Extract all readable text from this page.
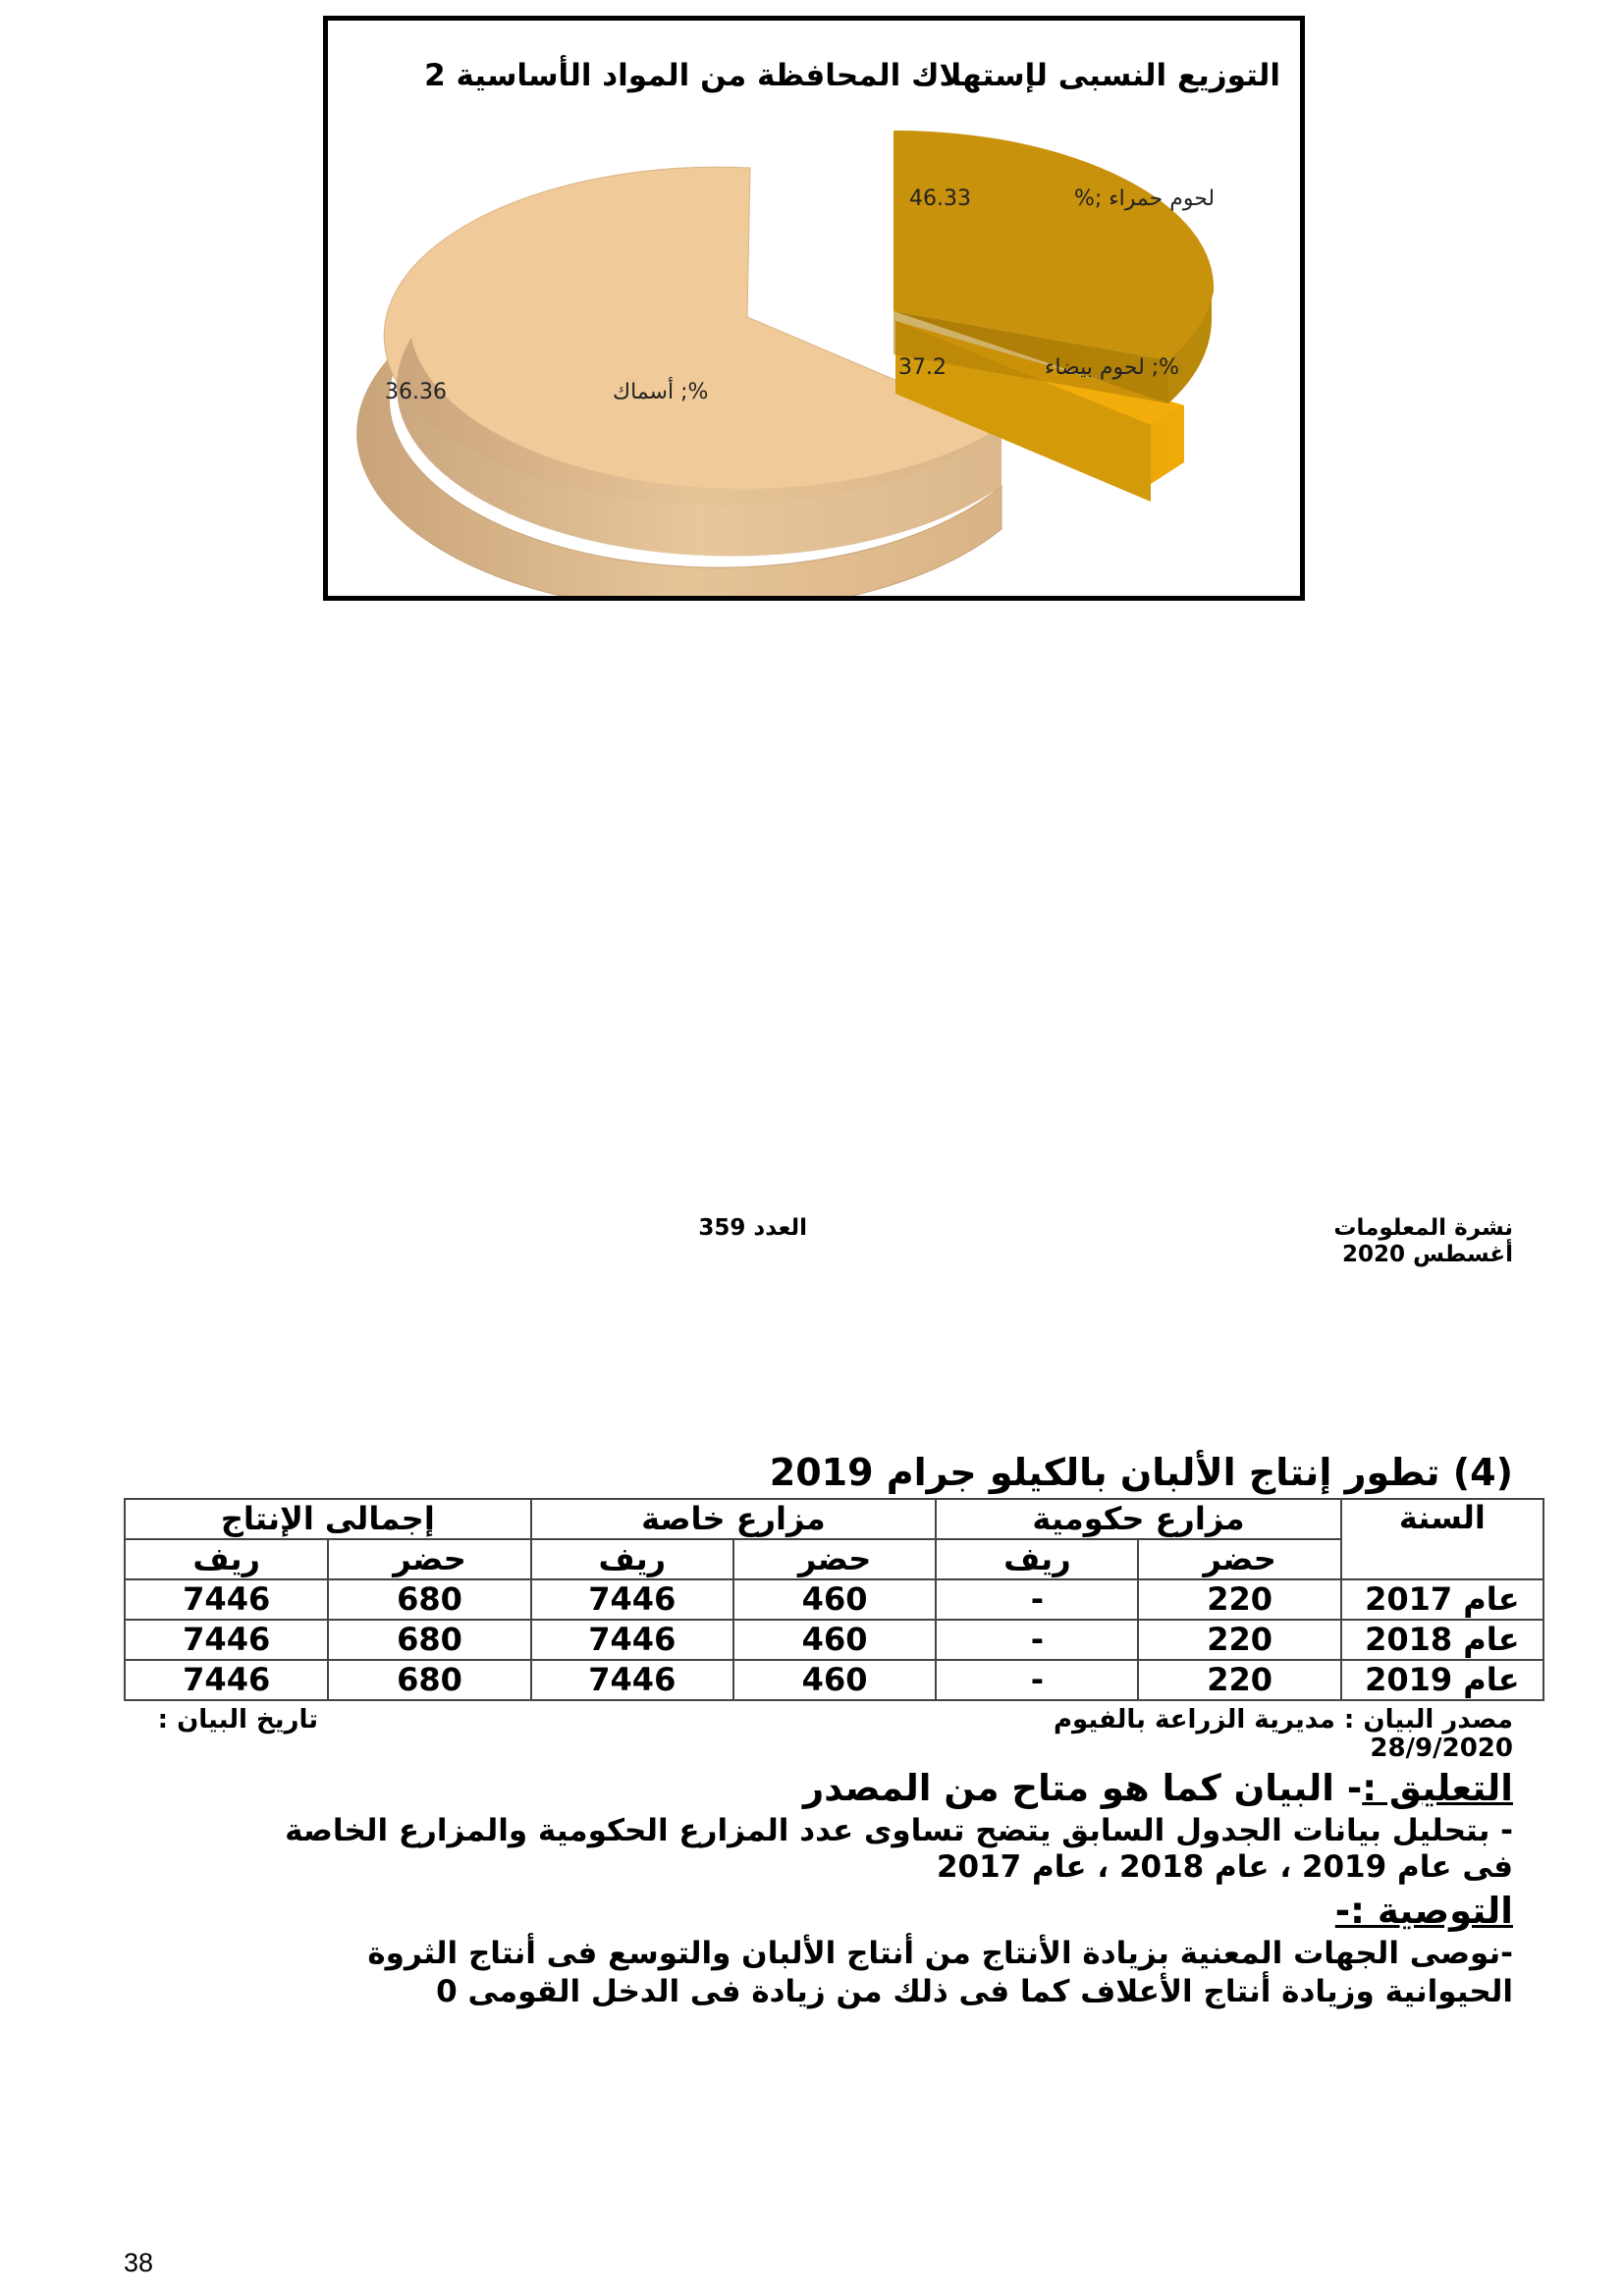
التوزيع النسبى لإستهلاك المحافظة من المواد الأساسية 2
46.33	لحوم حمراء ;%
37.2	لحوم بيضاء ;%
36.36	أسماك ;%
نشرة المعلومات
العدد 359
أغسطس 2020
(4) تطور إنتاج الألبان بالكيلو جرام 2019
السنة	مزارع حكومية		مزارع خاصة		إجمالى الإنتاج	
	حضر	ريف	حضر	ريف	حضر	ريف
عام 2017	220	-	460	7446	680	7446
عام 2018	220	-	460	7446	680	7446
عام 2019	220	-	460	7446	680	7446
مصدر البيان : مديرية الزراعة بالفيوم
تاريخ البيان :
28/9/2020
التعليق :- البيان كما هو متاح من المصدر
- بتحليل بيانات الجدول السابق يتضح تساوى عدد المزارع الحكومية والمزارع الخاصة
فى عام 2019 ، عام 2018 ، عام 2017
التوصية :-
-نوصى الجهات المعنية بزيادة الأنتاج من أنتاج الألبان والتوسع فى أنتاج الثروة
الحيوانية وزيادة أنتاج الأعلاف كما فى ذلك من زيادة فى الدخل القومى 0
38
